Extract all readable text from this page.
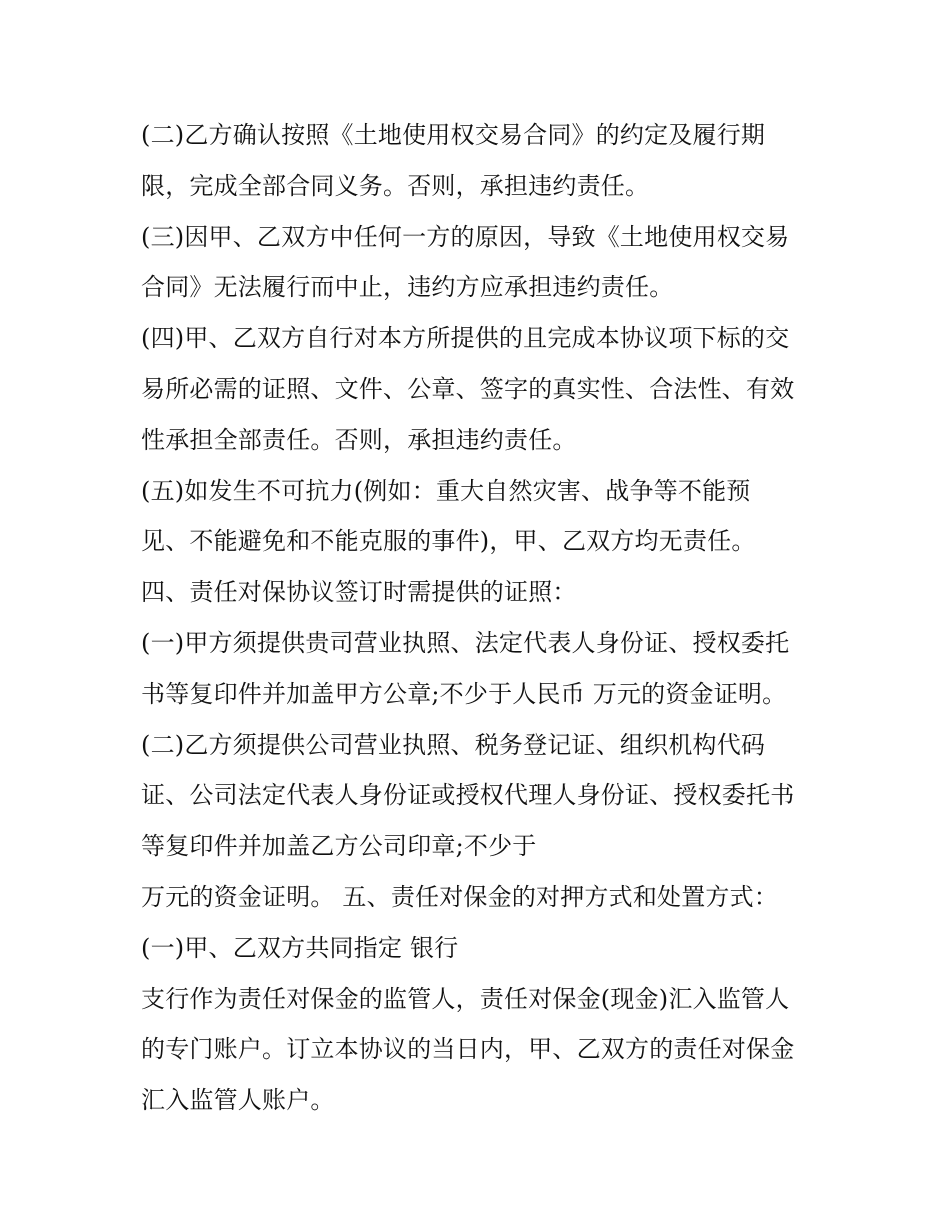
(二)乙方确认按照《土地使用权交易合同》的约定及履行期
限，完成全部合同义务。否则，承担违约责任。
(三)因甲、乙双方中任何一方的原因，导致《土地使用权交易
合同》无法履行而中止，违约方应承担违约责任。
(四)甲、乙双方自行对本方所提供的且完成本协议项下标的交
易所必需的证照、文件、公章、签字的真实性、合法性、有效
性承担全部责任。否则，承担违约责任。
(五)如发生不可抗力(例如：重大自然灾害、战争等不能预
见、不能避免和不能克服的事件)，甲、乙双方均无责任。
四、责任对保协议签订时需提供的证照：
(一)甲方须提供贵司营业执照、法定代表人身份证、授权委托
书等复印件并加盖甲方公章;不少于人民币 万元的资金证明。
(二)乙方须提供公司营业执照、税务登记证、组织机构代码
证、公司法定代表人身份证或授权代理人身份证、授权委托书
等复印件并加盖乙方公司印章;不少于
万元的资金证明。 五、责任对保金的对押方式和处置方式：
(一)甲、乙双方共同指定 银行
支行作为责任对保金的监管人，责任对保金(现金)汇入监管人
的专门账户。订立本协议的当日内，甲、乙双方的责任对保金
汇入监管人账户。
